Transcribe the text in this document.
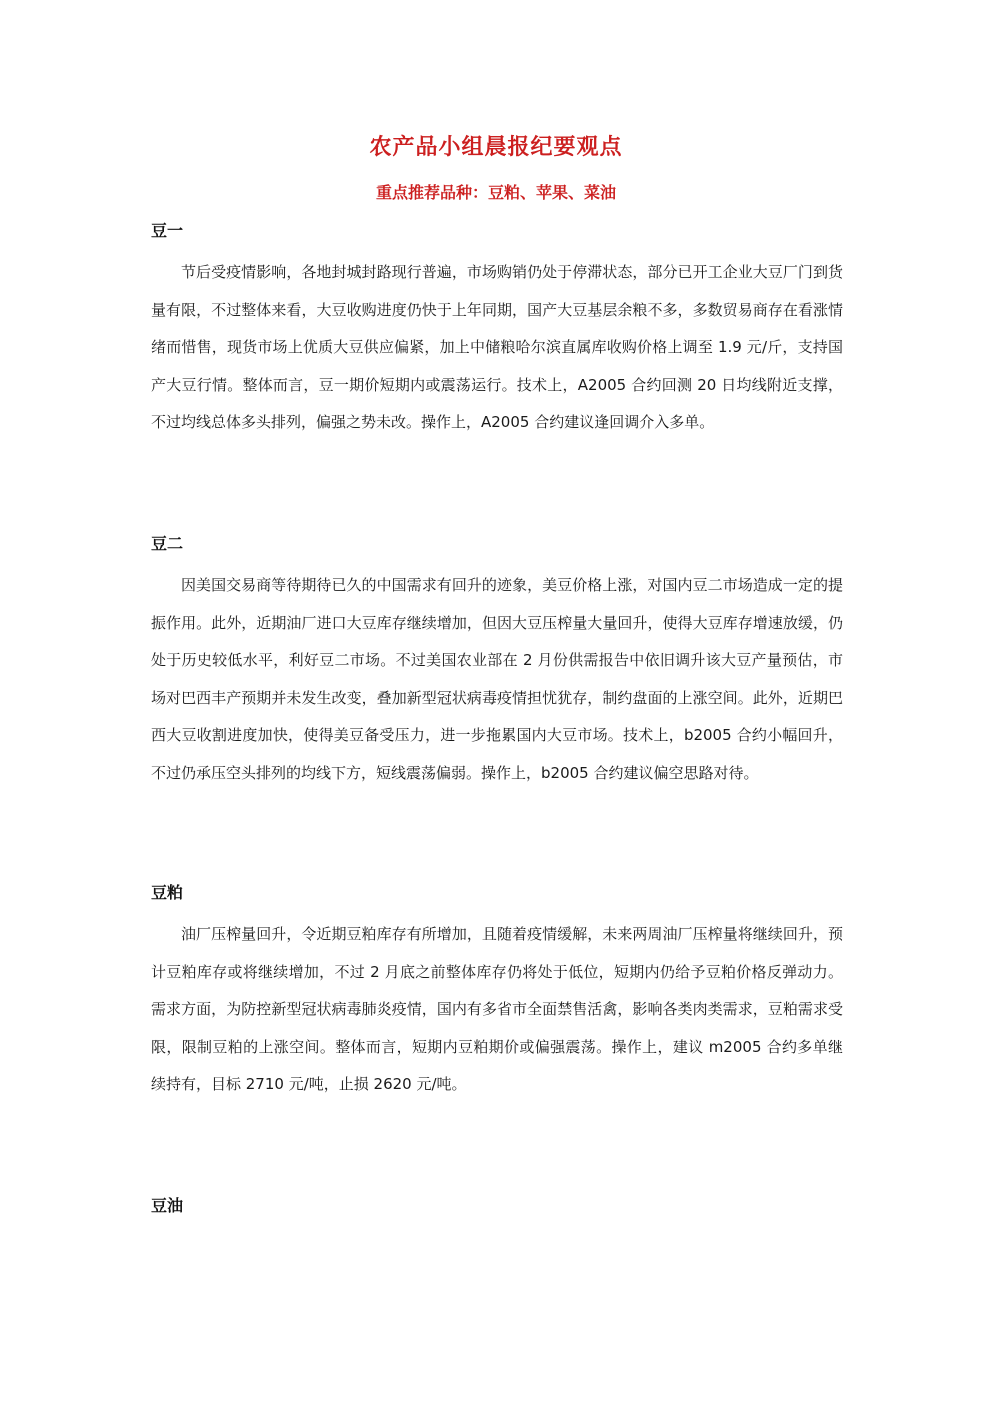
农产品小组晨报纪要观点
重点推荐品种：豆粕、苹果、菜油
豆一

节后受疫情影响，各地封城封路现行普遍，市场购销仍处于停滞状态，部分已开工企业大豆厂门到货量有限，不过整体来看，大豆收购进度仍快于上年同期，国产大豆基层余粮不多，多数贸易商存在看涨情绪而惜售，现货市场上优质大豆供应偏紧，加上中储粮哈尔滨直属库收购价格上调至 1.9 元/斤，支持国产大豆行情。整体而言，豆一期价短期内或震荡运行。技术上，A2005 合约回测 20 日均线附近支撑，不过均线总体多头排列，偏强之势未改。操作上，A2005 合约建议逢回调介入多单。

豆二

因美国交易商等待期待已久的中国需求有回升的迹象，美豆价格上涨，对国内豆二市场造成一定的提振作用。此外，近期油厂进口大豆库存继续增加，但因大豆压榨量大量回升，使得大豆库存增速放缓，仍处于历史较低水平，利好豆二市场。不过美国农业部在 2 月份供需报告中依旧调升该大豆产量预估，市场对巴西丰产预期并未发生改变，叠加新型冠状病毒疫情担忧犹存，制约盘面的上涨空间。此外，近期巴西大豆收割进度加快，使得美豆备受压力，进一步拖累国内大豆市场。技术上，b2005 合约小幅回升，不过仍承压空头排列的均线下方，短线震荡偏弱。操作上，b2005 合约建议偏空思路对待。

豆粕

油厂压榨量回升，令近期豆粕库存有所增加，且随着疫情缓解，未来两周油厂压榨量将继续回升，预计豆粕库存或将继续增加，不过 2 月底之前整体库存仍将处于低位，短期内仍给予豆粕价格反弹动力。需求方面，为防控新型冠状病毒肺炎疫情，国内有多省市全面禁售活禽，影响各类肉类需求，豆粕需求受限，限制豆粕的上涨空间。整体而言，短期内豆粕期价或偏强震荡。操作上，建议 m2005 合约多单继续持有，目标 2710 元/吨，止损 2620 元/吨。

豆油
